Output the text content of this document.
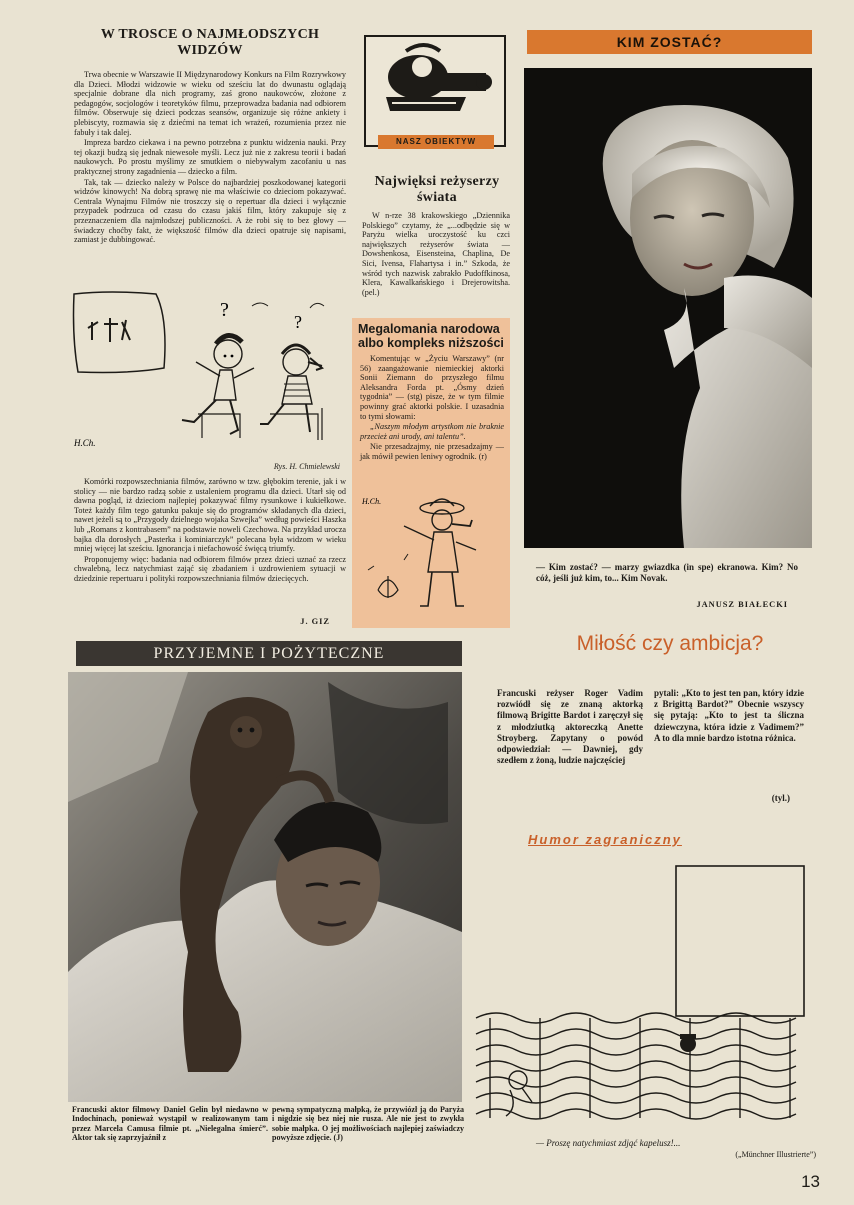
W TROSCE O NAJMŁODSZYCH WIDZÓW

Trwa obecnie w Warszawie II Międzynarodowy Konkurs na Film Rozrywkowy dla Dzieci. Młodzi widzowie w wieku od sześciu lat do dwunastu oglądają specjalnie dobrane dla nich programy, zaś grono naukowców, złożone z pedagogów, socjologów i teoretyków filmu, przeprowadza badania nad odbiorem filmów. Obserwuje się dzieci podczas seansów, organizuje się różne ankiety i plebiscyty, rozmawia się z dziećmi na temat ich wrażeń, rozumienia przez nie fabuły i tak dalej.

Impreza bardzo ciekawa i na pewno potrzebna z punktu widzenia nauki. Przy tej okazji budzą się jednak niewesołe myśli. Lecz już nie z zakresu teorii i badań naukowych. Po prostu myślimy ze smutkiem o niebywałym zacofaniu u nas praktycznej strony zagadnienia — dziecko a film.

Tak, tak — dziecko należy w Polsce do najbardziej poszkodowanej kategorii widzów kinowych! Na dobrą sprawę nie ma właściwie co dzieciom pokazywać. Centrala Wynajmu Filmów nie troszczy się o repertuar dla dzieci i wyłącznie przypadek podrzuca od czasu do czasu jakiś film, który zakupuje się z przeznaczeniem dla najmłodszej publiczności. A że robi się to bez głowy — świadczy choćby fakt, że większość filmów dla dzieci opatruje się napisami, zamiast je dubbingować.

?
?
H.Ch.
Rys. H. Chmielewski

Komórki rozpowszechniania filmów, zarówno w tzw. głębokim terenie, jak i w stolicy — nie bardzo radzą sobie z ustaleniem programu dla dzieci. Utarł się od dawna pogląd, iż dzieciom najlepiej pokazywać filmy rysunkowe i kukiełkowe. Toteż każdy film tego gatunku pakuje się do programów składanych dla dzieci, nawet jeżeli są to „Przygody dzielnego wojaka Szwejka” według powieści Haszka lub „Romans z kontrabasem” na podstawie noweli Czechowa. Na przykład urocza bajka dla dorosłych „Pasterka i kominiarczyk” polecana była widzom w wieku mniej więcej lat sześciu. Ignorancja i niefachowość święcą triumfy.

Proponujemy więc: badania nad odbiorem filmów przez dzieci uznać za rzecz chwalebną, lecz natychmiast zająć się zbadaniem i uzdrowieniem sytuacji w dziedzinie repertuaru i polityki rozpowszechniania filmów dziecięcych.

J. GIZ
NASZ OBIEKTYW
Najwięksi reżyserzy świata

W n-rze 38 krakowskiego „Dziennika Polskiego” czytamy, że „...odbędzie się w Paryżu wielka uroczystość ku czci największych reżyserów świata — Dowshenkosa, Eisensteina, Chaplina, De Sici, Ivensa, Flahartysa i in.” Szkoda, że wśród tych nazwisk zabrakło Pudoffkinosa, Klera, Kawalkańskiego i Drejerowitsha. (pel.)

Megalomania narodowa albo kompleks niższości

Komentując w „Życiu Warszawy” (nr 56) zaangażowanie niemieckiej aktorki Sonii Ziemann do przyszłego filmu Aleksandra Forda pt. „Ósmy dzień tygodnia” — (stg) pisze, że w tym filmie powinny grać aktorki polskie. I uzasadnia to tymi słowami:

„Naszym młodym artystkom nie braknie przecież ani urody, ani talentu”.

Nie przesadzajmy, nie przesadzajmy — jak mówił pewien leniwy ogrodnik. (r)

H.Ch.
KIM ZOSTAĆ?
— Kim zostać? — marzy gwiazdka (in spe) ekranowa. Kim? No cóż, jeśli już kim, to... Kim Novak.
JANUSZ BIAŁECKI
PRZYJEMNE I POŻYTECZNE
Francuski aktor filmowy Daniel Gelin był niedawno w Indochinach, ponieważ wystąpił w realizowanym tam przez Marcela Camusa filmie pt. „Nielegalna śmierć”. Aktor tak się zaprzyjaźnił z
pewną sympatyczną małpką, że przywiózł ją do Paryża i nigdzie się bez niej nie rusza. Ale nie jest to zwykła sobie małpka. O jej możliwościach najlepiej zaświadczy powyższe zdjęcie. (J)
Miłość czy ambicja?
Francuski reżyser Roger Vadim rozwiódł się ze znaną aktorką filmową Brigitte Bardot i zaręczył się z młodziutką aktoreczką Anette Stroyberg. Zapytany o powód odpowiedział: — Dawniej, gdy szedłem z żoną, ludzie najczęściej
pytali: „Kto to jest ten pan, który idzie z Brigittą Bardot?” Obecnie wszyscy się pytają: „Kto to jest ta śliczna dziewczyna, która idzie z Vadimem?” A to dla mnie bardzo istotna różnica.
(tyl.)
Humor zagraniczny
— Proszę natychmiast zdjąć kapelusz!...
(„Münchner Illustrierte”)
13
